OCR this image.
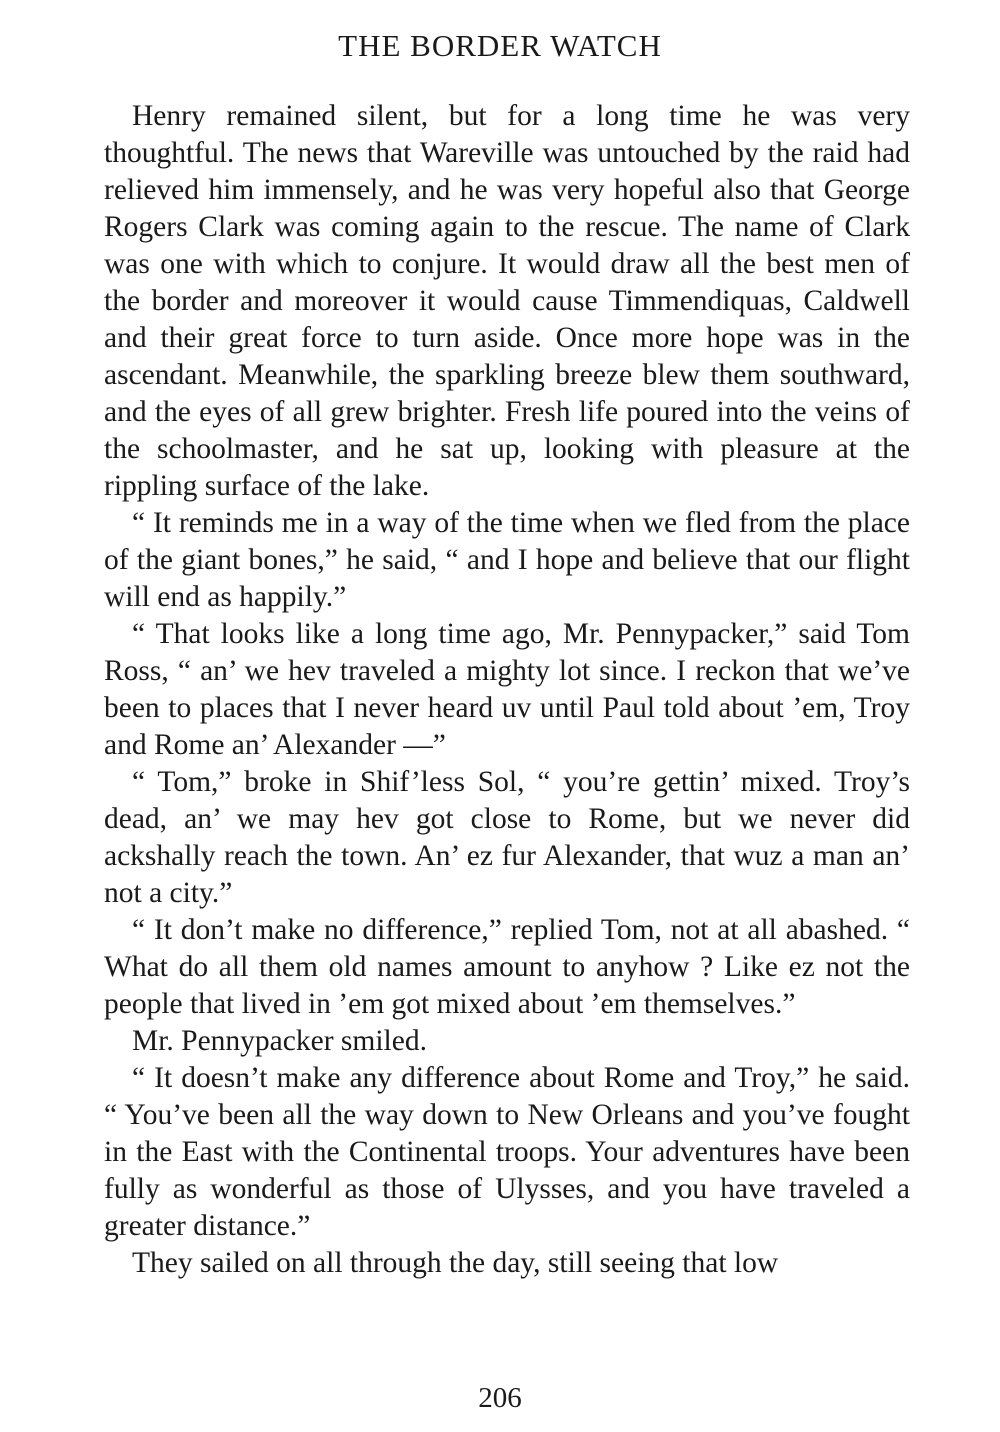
THE BORDER WATCH

Henry remained silent, but for a long time he was very thoughtful. The news that Wareville was untouched by the raid had relieved him immensely, and he was very hopeful also that George Rogers Clark was coming again to the rescue. The name of Clark was one with which to conjure. It would draw all the best men of the border and moreover it would cause Timmendiquas, Caldwell and their great force to turn aside. Once more hope was in the ascendant. Meanwhile, the sparkling breeze blew them southward, and the eyes of all grew brighter. Fresh life poured into the veins of the schoolmaster, and he sat up, looking with pleasure at the rippling surface of the lake.

“ It reminds me in a way of the time when we fled from the place of the giant bones,” he said, “ and I hope and believe that our flight will end as happily.”

“ That looks like a long time ago, Mr. Pennypacker,” said Tom Ross, “ an’ we hev traveled a mighty lot since. I reckon that we’ve been to places that I never heard uv until Paul told about ’em, Troy and Rome an’ Alexander —”

“ Tom,” broke in Shif’less Sol, “ you’re gettin’ mixed. Troy’s dead, an’ we may hev got close to Rome, but we never did ackshally reach the town. An’ ez fur Alexander, that wuz a man an’ not a city.”

“ It don’t make no difference,” replied Tom, not at all abashed. “ What do all them old names amount to anyhow ? Like ez not the people that lived in ’em got mixed about ’em themselves.”

Mr. Pennypacker smiled.

“ It doesn’t make any difference about Rome and Troy,” he said. “ You’ve been all the way down to New Orleans and you’ve fought in the East with the Continental troops. Your adventures have been fully as wonderful as those of Ulysses, and you have traveled a greater distance.”

They sailed on all through the day, still seeing that low

206
